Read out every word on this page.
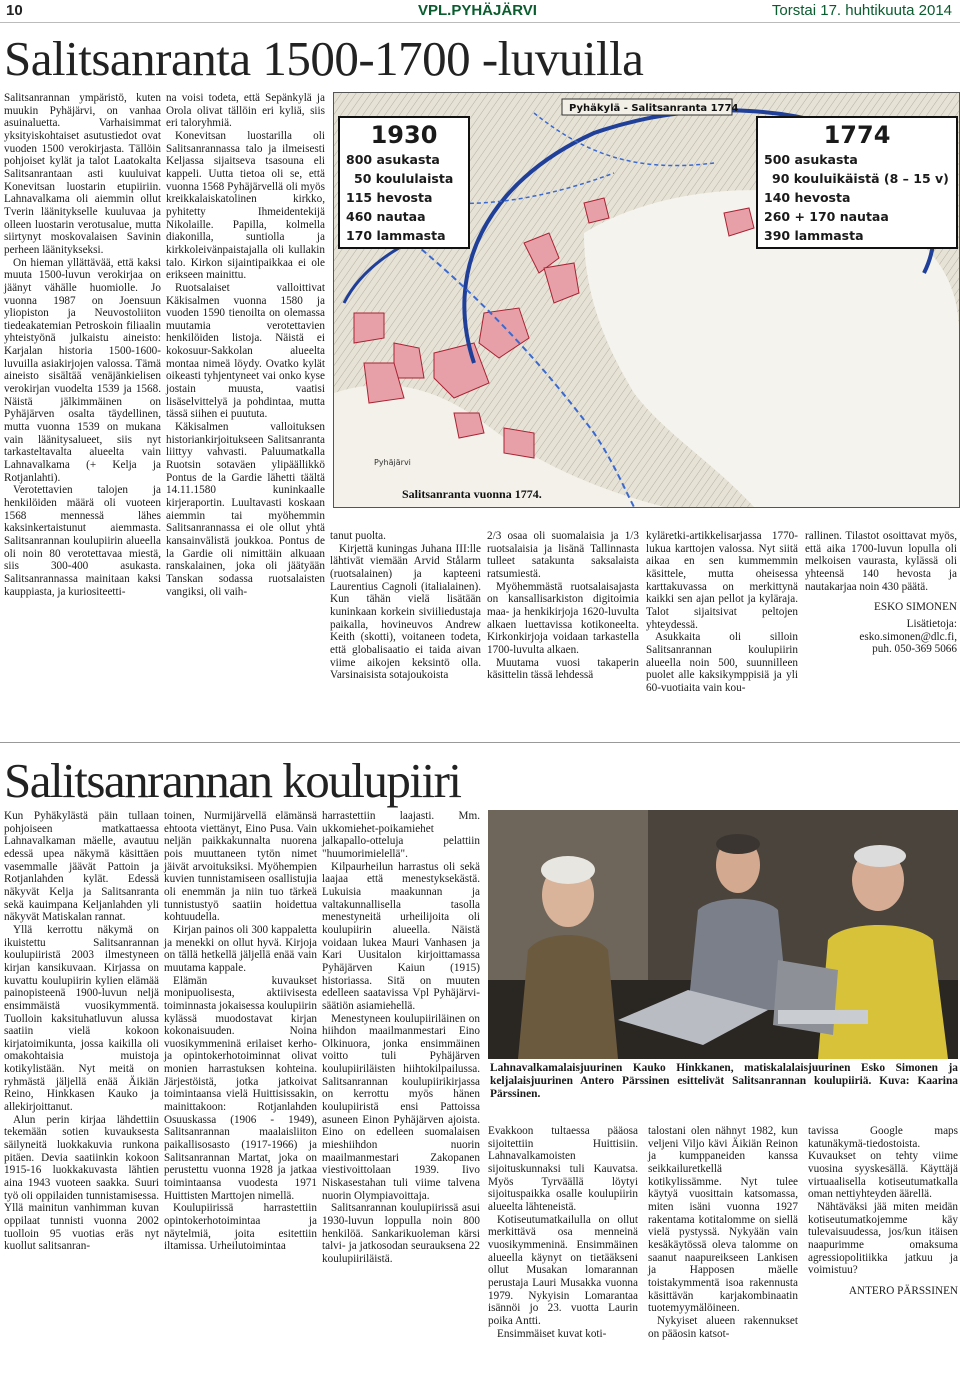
10	VPL.PYHÄJÄRVI	Torstai 17. huhtikuuta 2014
Salitsanranta 1500-1700 -luvuilla

Salitsanrannan ympäristö, kuten muukin Pyhäjärvi, on vanhaa asuinaluetta. Varhaisimmat yksityiskohtaiset asutustiedot ovat vuoden 1500 verokirjasta. Tällöin pohjoiset kylät ja talot Laatokalta Salitsanrantaan asti kuuluivat Konevitsan luostarin etupiiriin. Lahnavalkama oli aiemmin ollut Tverin läänitykselle kuuluvaa ja olleen luostarin verotusalue, mutta siirtynyt moskovalaisen Savinin perheen läänitykseksi.

On hieman yllättävää, että kaksi muuta 1500-luvun verokirjaa on jäänyt vähälle huomiolle. Jo vuonna 1987 on Joensuun yliopiston ja Neuvostoliiton tiedeakatemian Petroskoin filiaalin yhteistyönä julkaistu aineisto: Karjalan historia 1500-1600-luvuilla asiakirjojen valossa. Tämä aineisto sisältää venäjänkielisen verokirjan vuodelta 1539 ja 1568. Näistä jälkimmäinen on Pyhäjärven osalta täydellinen, mutta vuonna 1539 on mukana vain läänitysalueet, siis nyt tarkasteltavalta alueelta vain Lahnavalkama (+ Kelja ja Rotjanlahti).

Verotettavien talojen ja henkilöiden määrä oli vuoteen 1568 mennessä lähes kaksinkertaistunut aiemmasta. Salitsanrannan koulupiirin alueella oli noin 80 verotettavaa miestä, siis 300-400 asukasta. Salitsanrannassa mainitaan kaksi kauppiasta, ja kuriositeetti-

na voisi todeta, että Sepänkylä ja Orola olivat tällöin eri kyliä, siis eri taloryhmiä.

Konevitsan luostarilla oli Salitsanrannassa talo ja ilmeisesti Keljassa sijaitseva tsasouna eli kappeli. Uutta tietoa oli se, että vuonna 1568 Pyhäjärvellä oli myös kreikkalaiskatolinen kirkko, pyhitetty Ihmeidentekijä Nikolaille. Papilla, kolmella diakonilla, suntiolla ja kirkkoleivänpaistajalla oli kullakin talo. Kirkon sijaintipaikkaa ei ole erikseen mainittu.

Ruotsalaiset valloittivat Käkisalmen vuonna 1580 ja vuoden 1590 tienoilta on olemassa muutamia verotettavien henkilöiden listoja. Näistä ei kokosuur-Sakkolan alueelta montaa nimeä löydy. Ovatko kylät oikeasti tyhjentyneet vai onko kyse jostain muusta, vaatisi lisäselvittelyä ja pohdintaa, mutta tässä siihen ei puututa.

Käkisalmen valloituksen historiankirjoitukseen Salitsanranta liittyy vahvasti. Paluumatkalla Ruotsin sotaväen ylipäällikkö Pontus de la Gardie lähetti täältä 14.11.1580 kuninkaalle kirjeraportin. Luultavasti koskaan aiemmin tai myöhemmin Salitsanrannassa ei ole ollut yhtä kansainvälistä joukkoa. Pontus de la Gardie oli nimittäin alkuaan ranskalainen, joka oli jäätyään Tanskan sodassa ruotsalaisten vangiksi, oli vaih-

tanut puolta.

Kirjettä kuningas Juhana III:lle lähtivät viemään Arvid Stålarm (ruotsalainen) ja kapteeni Laurentius Cagnoli (italialainen). Kun tähän vielä lisätään kuninkaan korkein siviiliedustaja paikalla, hovineuvos Andrew Keith (skotti), voitaneen todeta, että globalisaatio ei taida aivan viime aikojen keksintö olla. Varsinaisista sotajoukoista

2/3 osaa oli suomalaisia ja 1/3 ruotsalaisia ja lisänä Tallinnasta tulleet satakunta saksalaista ratsumiestä.

Myöhemmästä ruotsalaisajasta on kansallisarkiston digitoimia maa- ja henkikirjoja 1620-luvulta alkaen luettavissa kotikoneelta. Kirkonkirjoja voidaan tarkastella 1700-luvulta alkaen.

Muutama vuosi takaperin käsittelin tässä lehdessä

kyläretki-artikkelisarjassa 1770-lukua karttojen valossa. Nyt siitä aikaa en sen kummemmin käsittele, mutta oheisessa karttakuvassa on merkittynä kaikki sen ajan pellot ja kyläraja. Talot sijaitsivat peltojen yhteydessä.

Asukkaita oli silloin Salitsanrannan koulupiirin alueella noin 500, suunnilleen puolet alle kaksikymppisiä ja yli 60-vuotiaita vain kou-

rallinen. Tilastot osoittavat myös, että aika 1700-luvun lopulla oli melkoisen vaurasta, kylässä oli yhteensä 140 hevosta ja nautakarjaa noin 430 päätä.

ESKO SIMONEN

Lisätietoja:

esko.simonen@dlc.fi,

puh. 050-369 5066

Pyhäkylä - Salitsanranta 1774
Pyhäjärvi
1930
800 asukasta
50 koululaista
115 hevosta
460 nautaa
170 lammasta
1774
500 asukasta
90 kouluikäistä (8 – 15 v)
140 hevosta
260 + 170 nautaa
390 lammasta
Salitsanranta vuonna 1774.
Salitsanrannan koulupiiri

Kun Pyhäkylästä päin tullaan pohjoiseen matkattaessa Lahnavalkaman mäelle, avautuu edessä upea näkymä käsittäen vasemmalle jäävät Pattoin ja Rotjanlahden kylät. Edessä näkyvät Kelja ja Salitsanranta sekä kauimpana Keljanlahden yli näkyvät Matiskalan rannat.

Yllä kerrottu näkymä on ikuistettu Salitsanrannan koulupiiristä 2003 ilmestyneen kirjan kansikuvaan. Kirjassa on kuvattu koulupiirin kylien elämää painopisteenä 1900-luvun neljä ensimmäistä vuosikymmentä. Tuolloin kaksituhatluvun alussa saatiin vielä kokoon kirjatoimikunta, jossa kaikilla oli omakohtaisia muistoja kotikylistään. Nyt meitä on ryhmästä jäljellä enää Äikiän Reino, Hinkkasen Kauko ja allekirjoittanut.

Alun perin kirjaa lähdettiin tekemään sotien kuvauksesta säilyneitä luokkakuvia runkona pitäen. Devia saatiinkin kokoon 1915-16 luokkakuvasta lähtien aina 1943 vuoteen saakka. Suuri työ oli oppilaiden tunnistamisessa. Yllä mainitun vanhimman kuvan oppilaat tunnisti vuonna 2002 tuolloin 95 vuotias eräs nyt kuollut salitsanran-

toinen, Nurmijärvellä elämänsä ehtoota viettänyt, Eino Pusa. Vain neljän paikkakunnalta nuorena pois muuttaneen tytön nimet jäivät arvoituksiksi. Myöhempien kuvien tunnistamiseen osallistujia oli enemmän ja niin tuo tärkeä tunnistustyö saatiin hoidettua kohtuudella.

Kirjan painos oli 300 kappaletta ja menekki on ollut hyvä. Kirjoja on tällä hetkellä jäljellä enää vain muutama kappale.

Elämän kuvaukset monipuolisesta, aktiivisesta toiminnasta jokaisessa koulupiirin kylässä muodostavat kirjan kokonaisuuden. Noina vuosikymmeninä erilaiset kerho- ja opintokerhotoiminnat olivat monien harrastuksen kohteina. Järjestöistä, jotka jatkoivat toimintaansa vielä Huittisissakin, mainittakoon: Rotjanlahden Osuuskassa (1906 - 1949), Salitsanrannan maalaisliiton paikallisosasto (1917-1966) ja Salitsanrannan Martat, joka on perustettu vuonna 1928 ja jatkaa toimintaansa vuodesta 1971 Huittisten Marttojen nimellä.

Koulupiirissä harrastettiin opintokerhotoimintaa ja näytelmiä, joita esitettiin iltamissa. Urheilutoimintaa

harrastettiin laajasti. Mm. ukkomiehet-poikamiehet jalkapallo-otteluja pelattiin "huumorimielellä".

Kilpaurheilun harrastus oli sekä laajaa että menestyksekästä. Lukuisia maakunnan ja valtakunnallisella tasolla menestyneitä urheilijoita oli koulupiirin alueella. Näistä voidaan lukea Mauri Vanhasen ja Kari Uusitalon kirjoittamassa Pyhäjärven Kaiun (1915) historiassa. Sitä on muuten edelleen saatavissa Vpl Pyhäjärvi-säätiön asiamiehellä.

Menestyneen koulupiiriläinen on hiihdon maailmanmestari Eino Olkinuora, jonka ensimmäinen voitto tuli Pyhäjärven koulupiiriläisten hiihtokilpailussa. Salitsanrannan koulupiirikirjassa on kerrottu myös hänen koulupiiristä ensi Pattoissa asuneen Einon Pyhäjärven ajoista. Eino on edelleen suomalaisen mieshiihdon nuorin maailmanmestari Zakopanen viestivoittolaan 1939. Iivo Niskasestahan tuli viime talvena nuorin Olympiavoittaja.

Salitsanrannan koulupiirissä asui 1930-luvun loppulla noin 800 henkilöä. Sankarikuoleman kärsi talvi- ja jatkosodan seurauksena 22 koulupiiriläistä.

Lahnavalkamalaisjuurinen Kauko Hinkkanen, matiskalalaisjuurinen Esko Simonen ja keljalaisjuurinen Antero Pärssinen esittelivät Salitsanrannan koulupiiriä. Kuva: Kaarina Pärssinen.

Evakkoon tultaessa pääosa sijoitettiin Huittisiin. Lahnavalkamoisten sijoituskunnaksi tuli Kauvatsa. Myös Tyrväällä löytyi sijoituspaikka osalle koulupiirin alueelta lähteneistä.

Kotiseutumatkailulla on ollut merkittävä osa menneinä vuosikymmeninä. Ensimmäinen alueella käynyt on tietääkseni ollut Musakan lomarannan perustaja Lauri Musakka vuonna 1979. Nykyisin Lomarantaa isännöi jo 23. vuotta Laurin poika Antti.

Ensimmäiset kuvat koti-

talostani olen nähnyt 1982, kun veljeni Viljo kävi Äikiän Reinon ja kumppaneiden kanssa seikkailuretkellä kotikylissämme. Nyt tulee käytyä vuosittain katsomassa, miten isäni vuonna 1927 rakentama kotitalomme on siellä vielä pystyssä. Nykyään vain kesäkäytössä oleva talomme on saanut naapureikseen Lankisen ja Happosen mäelle toistakymmentä isoa rakennusta käsittävän karjakombinaatin tuotemyymälöineen.

Nykyiset alueen rakennukset on pääosin katsot-

tavissa Google maps katunäkymä-tiedostoista. Kuvaukset on tehty viime vuosina syyskesällä. Käyttäjä virtuaalisella kotiseutumatkalla oman nettiyhteyden äärellä.

Nähtäväksi jää miten meidän kotiseutumatkojemme käy tulevaisuudessa, jos/kun itäisen naapurimme omaksuma agressiopolitiikka jatkuu ja voimistuu?

ANTERO PÄRSSINEN
